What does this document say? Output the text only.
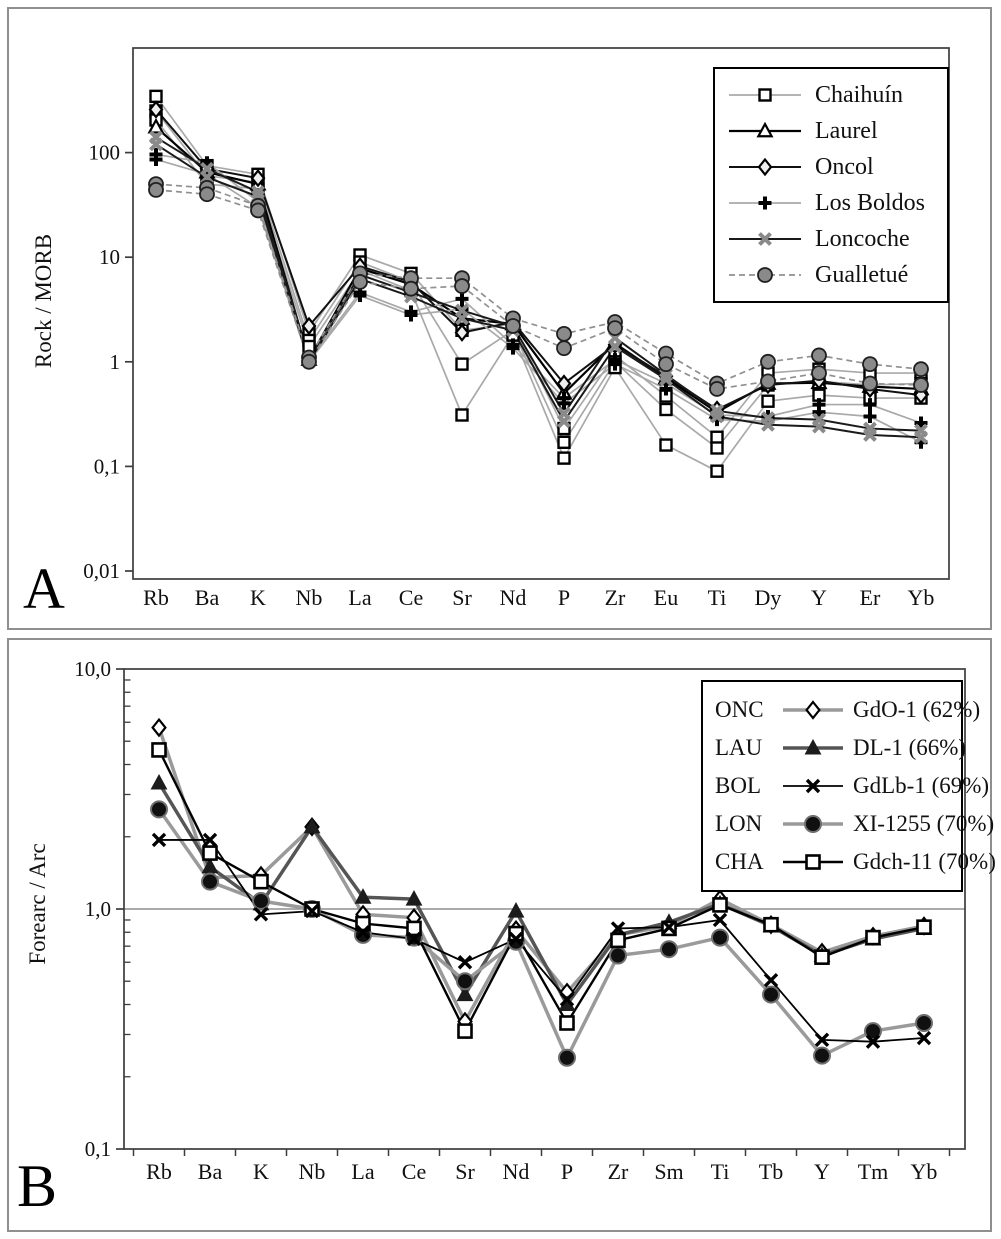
100
10
1
0,1
0,01
Rb Ba K Nb La Ce Sr Nd P Zr Eu Ti Dy Y Er Yb
Rock / MORB
Chaihuín
Laurel
Oncol
Los Boldos
Loncoche
Gualletué
A
10,0
1,0
0,1
Rb Ba K Nb La Ce Sr Nd P Zr Sm Ti Tb Y Tm Yb
Forearc / Arc
ONC	GdO-1 (62%)
LAU	DL-1 (66%)
BOL	GdLb-1 (69%)
LON	XI-1255 (70%)
CHA	Gdch-11 (70%)
B
